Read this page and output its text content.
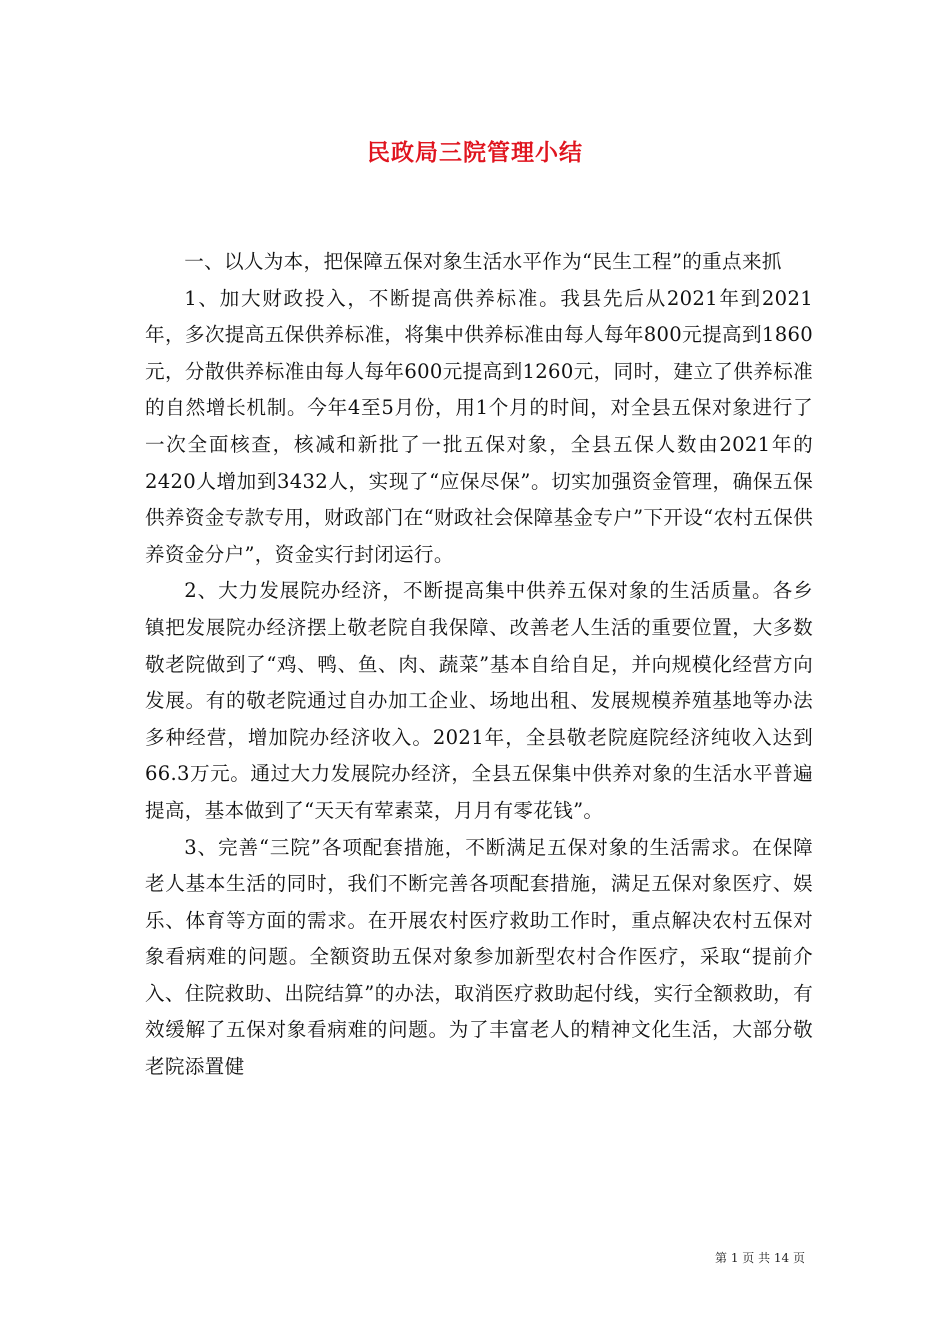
民政局三院管理小结

一、以人为本，把保障五保对象生活水平作为“民生工程”的重点来抓

1、加大财政投入，不断提高供养标准。我县先后从2021年到2021年，多次提高五保供养标准，将集中供养标准由每人每年800元提高到1860元，分散供养标准由每人每年600元提高到1260元，同时，建立了供养标准的自然增长机制。今年4至5月份，用1个月的时间，对全县五保对象进行了一次全面核查，核减和新批了一批五保对象，全县五保人数由2021年的2420人增加到3432人，实现了“应保尽保”。切实加强资金管理，确保五保供养资金专款专用，财政部门在“财政社会保障基金专户”下开设“农村五保供养资金分户”，资金实行封闭运行。

2、大力发展院办经济，不断提高集中供养五保对象的生活质量。各乡镇把发展院办经济摆上敬老院自我保障、改善老人生活的重要位置，大多数敬老院做到了“鸡、鸭、鱼、肉、蔬菜”基本自给自足，并向规模化经营方向发展。有的敬老院通过自办加工企业、场地出租、发展规模养殖基地等办法多种经营，增加院办经济收入。2021年，全县敬老院庭院经济纯收入达到66.3万元。通过大力发展院办经济，全县五保集中供养对象的生活水平普遍提高，基本做到了“天天有荤素菜，月月有零花钱”。

3、完善“三院”各项配套措施，不断满足五保对象的生活需求。在保障老人基本生活的同时，我们不断完善各项配套措施，满足五保对象医疗、娱乐、体育等方面的需求。在开展农村医疗救助工作时，重点解决农村五保对象看病难的问题。全额资助五保对象参加新型农村合作医疗，采取“提前介入、住院救助、出院结算”的办法，取消医疗救助起付线，实行全额救助，有效缓解了五保对象看病难的问题。为了丰富老人的精神文化生活，大部分敬老院添置健

第 1 页 共 14 页
